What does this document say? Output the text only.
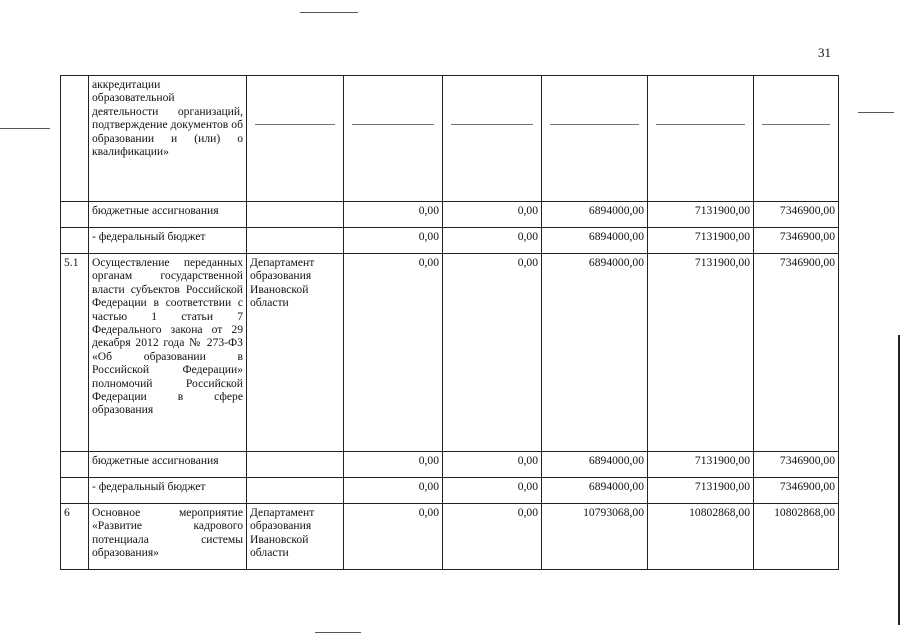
31
	аккредитации образовательной деятельности организаций, подтверждение документов об образовании и (или) о квалификации»	

	бюджетные ассигнования		0,00	0,00	6894000,00	7131900,00	7346900,00
	- федеральный бюджет		0,00	0,00	6894000,00	7131900,00	7346900,00
5.1	Осуществление переданных органам государственной власти субъектов Российской Федерации в соответствии с частью 1 статьи 7 Федерального закона от 29 декабря 2012 года № 273-ФЗ «Об образовании в Российской Федерации» полномочий Российской Федерации в сфере образования	Департамент образования Ивановской области	0,00	0,00	6894000,00	7131900,00	7346900,00
	бюджетные ассигнования		0,00	0,00	6894000,00	7131900,00	7346900,00
	- федеральный бюджет		0,00	0,00	6894000,00	7131900,00	7346900,00
6	Основное мероприятие «Развитие кадрового потенциала системы образования»	Департамент образования Ивановской области	0,00	0,00	10793068,00	10802868,00	10802868,00
